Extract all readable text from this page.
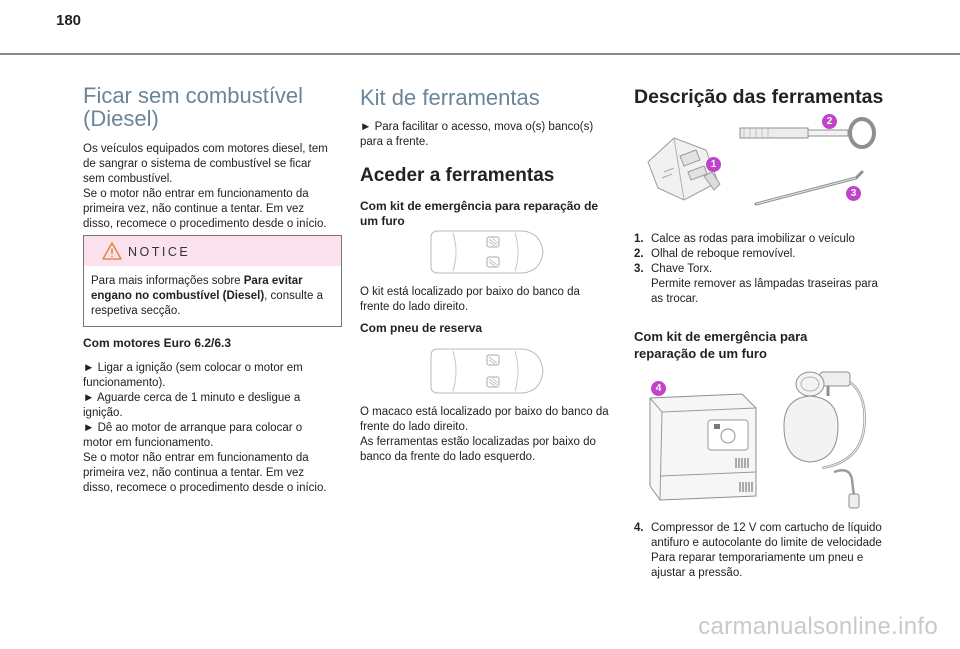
180
Ficar sem combustível
(Diesel)

Os veículos equipados com motores diesel, tem
de sangrar o sistema de combustível se ficar
sem combustível.
Se o motor não entrar em funcionamento da
primeira vez, não continue a tentar. Em vez
disso, recomece o procedimento desde o início.

NOTICE

Para mais informações sobre Para evitar
engano no combustível (Diesel), consulte a
respetiva secção.

Com motores Euro 6.2/6.3

► Ligar a ignição (sem colocar o motor em
funcionamento).
► Aguarde cerca de 1 minuto e desligue a
ignição.
► Dê ao motor de arranque para colocar o
motor em funcionamento.
Se o motor não entrar em funcionamento da
primeira vez, não continua a tentar. Em vez
disso, recomece o procedimento desde o início.

Kit de ferramentas

► Para facilitar o acesso, mova o(s) banco(s)
para a frente.

Aceder a ferramentas
Com kit de emergência para reparação de
um furo

O kit está localizado por baixo do banco da
frente do lado direito.

Com pneu de reserva

O macaco está localizado por baixo do banco da
frente do lado direito.
As ferramentas estão localizadas por baixo do
banco da frente do lado esquerdo.

Descrição das ferramentas
1
2
3
1. Calce as rodas para imobilizar o veículo
2. Olhal de reboque removível.
3. Chave Torx.
Permite remover as lâmpadas traseiras para
as trocar.
Com kit de emergência para
reparação de um furo
4
4. Compressor de 12 V com cartucho de líquido
antifuro e autocolante do limite de velocidade
Para reparar temporariamente um pneu e
ajustar a pressão.
carmanualsonline.info
